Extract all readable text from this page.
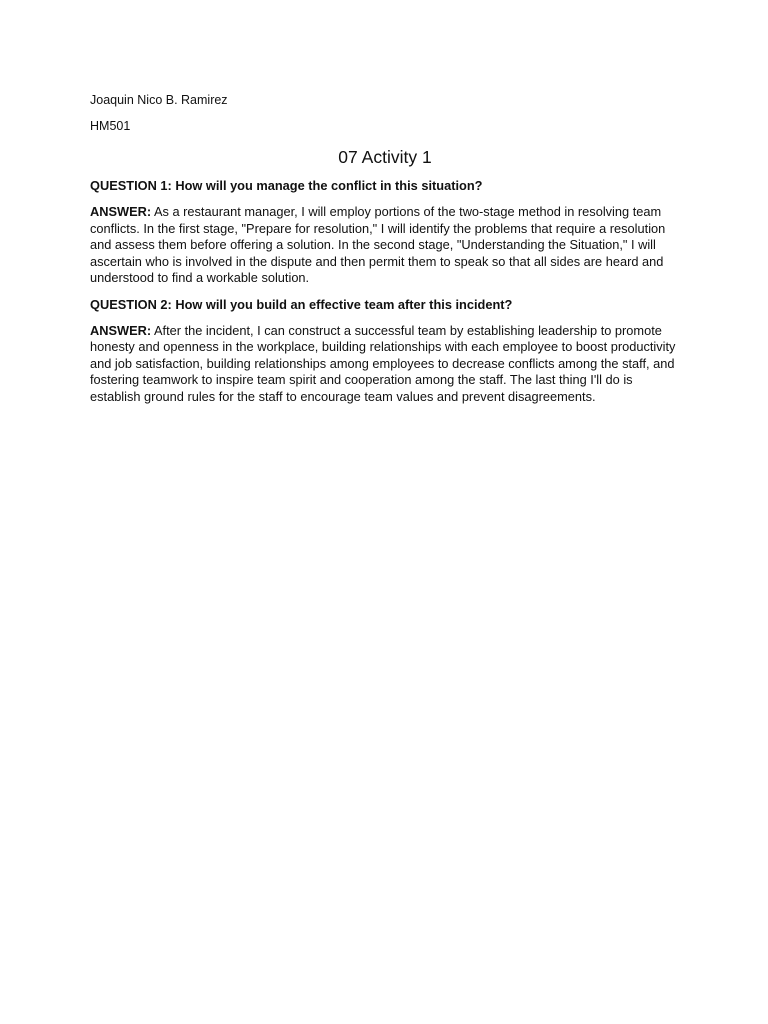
Joaquin Nico B. Ramirez

HM501

07 Activity 1

QUESTION 1: How will you manage the conflict in this situation?

ANSWER: As a restaurant manager, I will employ portions of the two-stage method in resolving team conflicts. In the first stage, "Prepare for resolution," I will identify the problems that require a resolution and assess them before offering a solution. In the second stage, "Understanding the Situation," I will ascertain who is involved in the dispute and then permit them to speak so that all sides are heard and understood to find a workable solution.

QUESTION 2: How will you build an effective team after this incident?

ANSWER: After the incident, I can construct a successful team by establishing leadership to promote honesty and openness in the workplace, building relationships with each employee to boost productivity and job satisfaction, building relationships among employees to decrease conflicts among the staff, and fostering teamwork to inspire team spirit and cooperation among the staff. The last thing I'll do is establish ground rules for the staff to encourage team values and prevent disagreements.
